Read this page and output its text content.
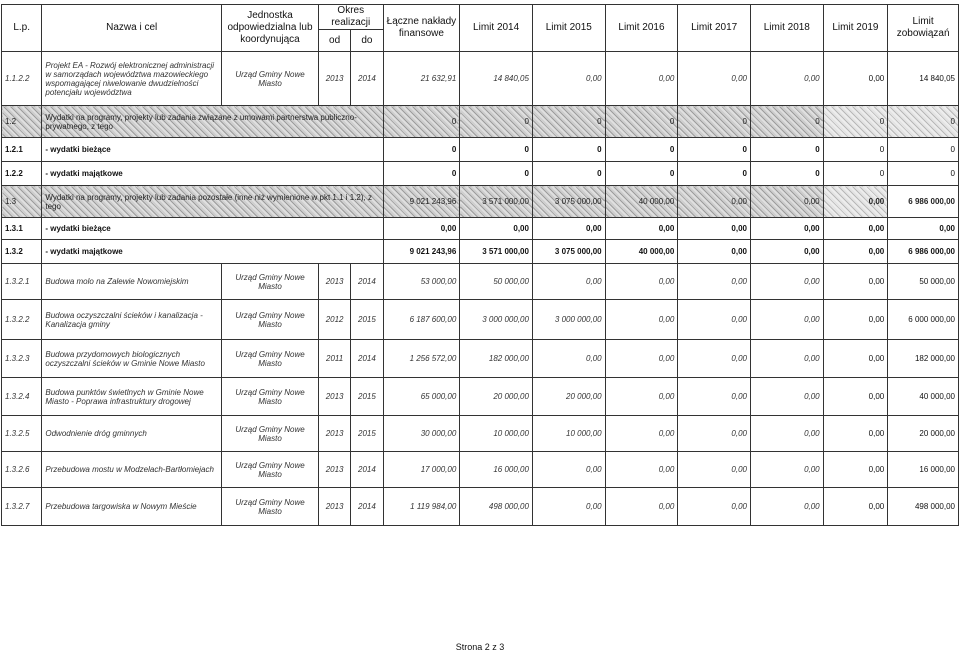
L.p.	Nazwa i cel	Jednostka odpowiedzialna lub koordynująca	Okres realizacji		Łączne nakłady finansowe	Limit 2014	Limit 2015	Limit 2016	Limit 2017	Limit 2018	Limit 2019	Limit zobowiązań
			od	do								
1.1.2.2	Projekt EA - Rozwój elektronicznej administracji w samorządach województwa mazowieckiego wspomagającej niwelowanie dwudzielności potencjału województwa	Urząd Gminy Nowe Miasto	2013	2014	21 632,91	14 840,05	0,00	0,00	0,00	0,00	0,00	14 840,05
1.2	Wydatki na programy, projekty lub zadania związane z umowami partnerstwa publiczno-prywatnego, z tego				0	0	0	0	0	0	0	0
1.2.1	- wydatki bieżące				0	0	0	0	0	0	0	0
1.2.2	- wydatki majątkowe				0	0	0	0	0	0	0	0
1.3	Wydatki na programy, projekty lub zadania pozostałe (inne niż wymienione w pkt 1.1 i 1.2), z tego				9 021 243,96	3 571 000,00	3 075 000,00	40 000,00	0,00	0,00	0,00	6 986 000,00
1.3.1	- wydatki bieżące				0,00	0,00	0,00	0,00	0,00	0,00	0,00	0,00
1.3.2	- wydatki majątkowe				9 021 243,96	3 571 000,00	3 075 000,00	40 000,00	0,00	0,00	0,00	6 986 000,00
1.3.2.1	Budowa molo na Zalewie Nowomiejskim	Urząd Gminy Nowe Miasto	2013	2014	53 000,00	50 000,00	0,00	0,00	0,00	0,00	0,00	50 000,00
1.3.2.2	Budowa oczyszczalni ścieków i kanalizacja - Kanalizacja gminy	Urząd Gminy Nowe Miasto	2012	2015	6 187 600,00	3 000 000,00	3 000 000,00	0,00	0,00	0,00	0,00	6 000 000,00
1.3.2.3	Budowa przydomowych biologicznych oczyszczalni ścieków w Gminie Nowe Miasto	Urząd Gminy Nowe Miasto	2011	2014	1 256 572,00	182 000,00	0,00	0,00	0,00	0,00	0,00	182 000,00
1.3.2.4	Budowa punktów świetlnych w Gminie Nowe Miasto - Poprawa infrastruktury drogowej	Urząd Gminy Nowe Miasto	2013	2015	65 000,00	20 000,00	20 000,00	0,00	0,00	0,00	0,00	40 000,00
1.3.2.5	Odwodnienie dróg gminnych	Urząd Gminy Nowe Miasto	2013	2015	30 000,00	10 000,00	10 000,00	0,00	0,00	0,00	0,00	20 000,00
1.3.2.6	Przebudowa mostu w Modzelach-Bartłomiejach	Urząd Gminy Nowe Miasto	2013	2014	17 000,00	16 000,00	0,00	0,00	0,00	0,00	0,00	16 000,00
1.3.2.7	Przebudowa targowiska w Nowym Mieście	Urząd Gminy Nowe Miasto	2013	2014	1 119 984,00	498 000,00	0,00	0,00	0,00	0,00	0,00	498 000,00
Strona 2 z 3
